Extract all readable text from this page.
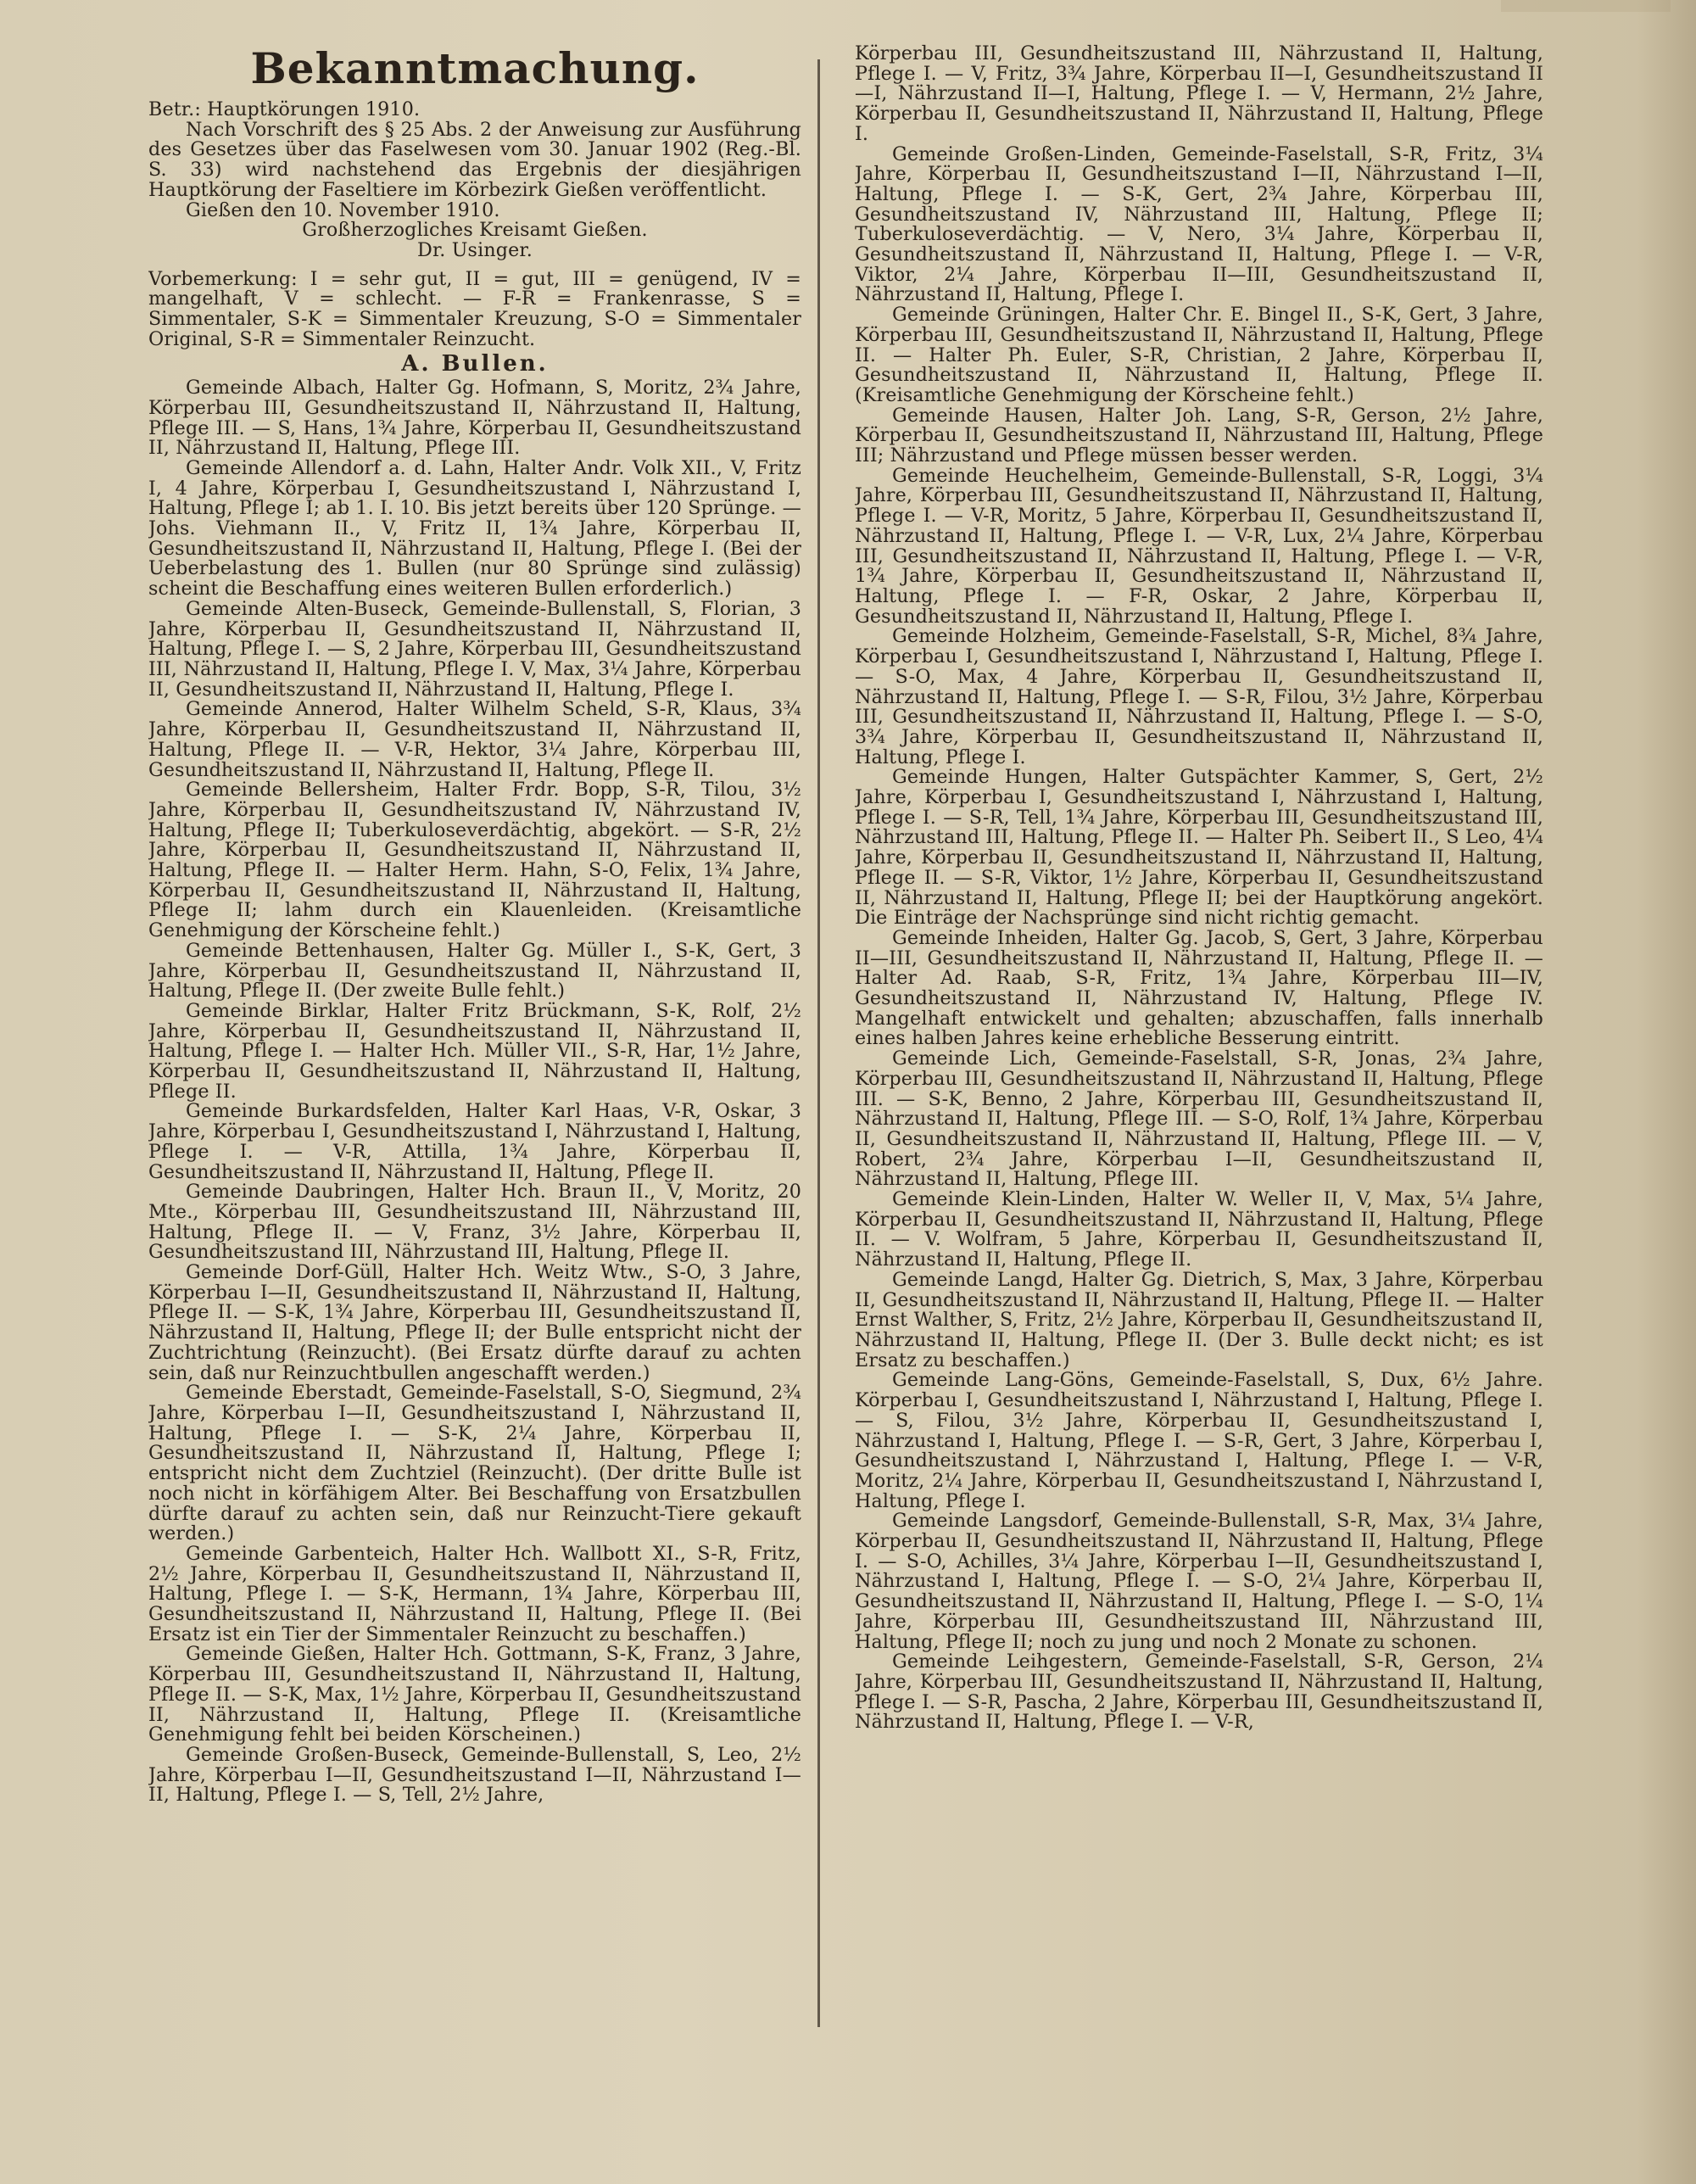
Bekanntmachung.

Betr.: Hauptkörungen 1910.

Nach Vorschrift des § 25 Abs. 2 der Anweisung zur Ausführung des Gesetzes über das Faselwesen vom 30. Januar 1902 (Reg.-Bl. S. 33) wird nachstehend das Ergebnis der diesjährigen Hauptkörung der Faseltiere im Körbezirk Gießen veröffentlicht.

Gießen den 10. November 1910.

Großherzogliches Kreisamt Gießen.

Dr. Usinger.

Vorbemerkung: I = sehr gut, II = gut, III = genügend, IV = mangelhaft, V = schlecht. — F-R = Frankenrasse, S = Simmentaler, S-K = Simmentaler Kreuzung, S-O = Simmentaler Original, S-R = Simmentaler Reinzucht.

A. Bullen.

Gemeinde Albach, Halter Gg. Hofmann, S, Moritz, 2¾ Jahre, Körperbau III, Gesundheitszustand II, Nährzustand II, Haltung, Pflege III. — S, Hans, 1¾ Jahre, Körperbau II, Gesundheitszustand II, Nährzustand II, Haltung, Pflege III.

Gemeinde Allendorf a. d. Lahn, Halter Andr. Volk XII., V, Fritz I, 4 Jahre, Körperbau I, Gesundheitszustand I, Nährzustand I, Haltung, Pflege I; ab 1. I. 10. Bis jetzt bereits über 120 Sprünge. — Johs. Viehmann II., V, Fritz II, 1¾ Jahre, Körperbau II, Gesundheitszustand II, Nährzustand II, Haltung, Pflege I. (Bei der Ueberbelastung des 1. Bullen (nur 80 Sprünge sind zulässig) scheint die Beschaffung eines weiteren Bullen erforderlich.)

Gemeinde Alten-Buseck, Gemeinde-Bullenstall, S, Florian, 3 Jahre, Körperbau II, Gesundheitszustand II, Nährzustand II, Haltung, Pflege I. — S, 2 Jahre, Körperbau III, Gesundheitszustand III, Nährzustand II, Haltung, Pflege I. V, Max, 3¼ Jahre, Körperbau II, Gesundheitszustand II, Nährzustand II, Haltung, Pflege I.

Gemeinde Annerod, Halter Wilhelm Scheld, S-R, Klaus, 3¾ Jahre, Körperbau II, Gesundheitszustand II, Nährzustand II, Haltung, Pflege II. — V-R, Hektor, 3¼ Jahre, Körperbau III, Gesundheitszustand II, Nährzustand II, Haltung, Pflege II.

Gemeinde Bellersheim, Halter Frdr. Bopp, S-R, Tilou, 3½ Jahre, Körperbau II, Gesundheitszustand IV, Nährzustand IV, Haltung, Pflege II; Tuberkuloseverdächtig, abgekört. — S-R, 2½ Jahre, Körperbau II, Gesundheitszustand II, Nährzustand II, Haltung, Pflege II. — Halter Herm. Hahn, S-O, Felix, 1¾ Jahre, Körperbau II, Gesundheitszustand II, Nährzustand II, Haltung, Pflege II; lahm durch ein Klauenleiden. (Kreisamtliche Genehmigung der Körscheine fehlt.)

Gemeinde Bettenhausen, Halter Gg. Müller I., S-K, Gert, 3 Jahre, Körperbau II, Gesundheitszustand II, Nährzustand II, Haltung, Pflege II. (Der zweite Bulle fehlt.)

Gemeinde Birklar, Halter Fritz Brückmann, S-K, Rolf, 2½ Jahre, Körperbau II, Gesundheitszustand II, Nährzustand II, Haltung, Pflege I. — Halter Hch. Müller VII., S-R, Har, 1½ Jahre, Körperbau II, Gesundheitszustand II, Nährzustand II, Haltung, Pflege II.

Gemeinde Burkardsfelden, Halter Karl Haas, V-R, Oskar, 3 Jahre, Körperbau I, Gesundheitszustand I, Nährzustand I, Haltung, Pflege I. — V-R, Attilla, 1¾ Jahre, Körperbau II, Gesundheitszustand II, Nährzustand II, Haltung, Pflege II.

Gemeinde Daubringen, Halter Hch. Braun II., V, Moritz, 20 Mte., Körperbau III, Gesundheitszustand III, Nährzustand III, Haltung, Pflege II. — V, Franz, 3½ Jahre, Körperbau II, Gesundheitszustand III, Nährzustand III, Haltung, Pflege II.

Gemeinde Dorf-Güll, Halter Hch. Weitz Wtw., S-O, 3 Jahre, Körperbau I—II, Gesundheitszustand II, Nährzustand II, Haltung, Pflege II. — S-K, 1¾ Jahre, Körperbau III, Gesundheitszustand II, Nährzustand II, Haltung, Pflege II; der Bulle entspricht nicht der Zuchtrichtung (Reinzucht). (Bei Ersatz dürfte darauf zu achten sein, daß nur Reinzuchtbullen angeschafft werden.)

Gemeinde Eberstadt, Gemeinde-Faselstall, S-O, Siegmund, 2¾ Jahre, Körperbau I—II, Gesundheitszustand I, Nährzustand II, Haltung, Pflege I. — S-K, 2¼ Jahre, Körperbau II, Gesundheitszustand II, Nährzustand II, Haltung, Pflege I; entspricht nicht dem Zuchtziel (Reinzucht). (Der dritte Bulle ist noch nicht in körfähigem Alter. Bei Beschaffung von Ersatzbullen dürfte darauf zu achten sein, daß nur Reinzucht-Tiere gekauft werden.)

Gemeinde Garbenteich, Halter Hch. Wallbott XI., S-R, Fritz, 2½ Jahre, Körperbau II, Gesundheitszustand II, Nährzustand II, Haltung, Pflege I. — S-K, Hermann, 1¾ Jahre, Körperbau III, Gesundheitszustand II, Nährzustand II, Haltung, Pflege II. (Bei Ersatz ist ein Tier der Simmentaler Reinzucht zu beschaffen.)

Gemeinde Gießen, Halter Hch. Gottmann, S-K, Franz, 3 Jahre, Körperbau III, Gesundheitszustand II, Nährzustand II, Haltung, Pflege II. — S-K, Max, 1½ Jahre, Körperbau II, Gesundheitszustand II, Nährzustand II, Haltung, Pflege II. (Kreisamtliche Genehmigung fehlt bei beiden Körscheinen.)

Gemeinde Großen-Buseck, Gemeinde-Bullenstall, S, Leo, 2½ Jahre, Körperbau I—II, Gesundheitszustand I—II, Nährzustand I—II, Haltung, Pflege I. — S, Tell, 2½ Jahre,

Körperbau III, Gesundheitszustand III, Nährzustand II, Haltung, Pflege I. — V, Fritz, 3¾ Jahre, Körperbau II—I, Gesundheitszustand II—I, Nährzustand II—I, Haltung, Pflege I. — V, Hermann, 2½ Jahre, Körperbau II, Gesundheitszustand II, Nährzustand II, Haltung, Pflege I.

Gemeinde Großen-Linden, Gemeinde-Faselstall, S-R, Fritz, 3¼ Jahre, Körperbau II, Gesundheitszustand I—II, Nährzustand I—II, Haltung, Pflege I. — S-K, Gert, 2¾ Jahre, Körperbau III, Gesundheitszustand IV, Nährzustand III, Haltung, Pflege II; Tuberkuloseverdächtig. — V, Nero, 3¼ Jahre, Körperbau II, Gesundheitszustand II, Nährzustand II, Haltung, Pflege I. — V-R, Viktor, 2¼ Jahre, Körperbau II—III, Gesundheitszustand II, Nährzustand II, Haltung, Pflege I.

Gemeinde Grüningen, Halter Chr. E. Bingel II., S-K, Gert, 3 Jahre, Körperbau III, Gesundheitszustand II, Nährzustand II, Haltung, Pflege II. — Halter Ph. Euler, S-R, Christian, 2 Jahre, Körperbau II, Gesundheitszustand II, Nährzustand II, Haltung, Pflege II. (Kreisamtliche Genehmigung der Körscheine fehlt.)

Gemeinde Hausen, Halter Joh. Lang, S-R, Gerson, 2½ Jahre, Körperbau II, Gesundheitszustand II, Nährzustand III, Haltung, Pflege III; Nährzustand und Pflege müssen besser werden.

Gemeinde Heuchelheim, Gemeinde-Bullenstall, S-R, Loggi, 3¼ Jahre, Körperbau III, Gesundheitszustand II, Nährzustand II, Haltung, Pflege I. — V-R, Moritz, 5 Jahre, Körperbau II, Gesundheitszustand II, Nährzustand II, Haltung, Pflege I. — V-R, Lux, 2¼ Jahre, Körperbau III, Gesundheitszustand II, Nährzustand II, Haltung, Pflege I. — V-R, 1¾ Jahre, Körperbau II, Gesundheitszustand II, Nährzustand II, Haltung, Pflege I. — F-R, Oskar, 2 Jahre, Körperbau II, Gesundheitszustand II, Nährzustand II, Haltung, Pflege I.

Gemeinde Holzheim, Gemeinde-Faselstall, S-R, Michel, 8¾ Jahre, Körperbau I, Gesundheitszustand I, Nährzustand I, Haltung, Pflege I. — S-O, Max, 4 Jahre, Körperbau II, Gesundheitszustand II, Nährzustand II, Haltung, Pflege I. — S-R, Filou, 3½ Jahre, Körperbau III, Gesundheitszustand II, Nährzustand II, Haltung, Pflege I. — S-O, 3¾ Jahre, Körperbau II, Gesundheitszustand II, Nährzustand II, Haltung, Pflege I.

Gemeinde Hungen, Halter Gutspächter Kammer, S, Gert, 2½ Jahre, Körperbau I, Gesundheitszustand I, Nährzustand I, Haltung, Pflege I. — S-R, Tell, 1¾ Jahre, Körperbau III, Gesundheitszustand III, Nährzustand III, Haltung, Pflege II. — Halter Ph. Seibert II., S Leo, 4¼ Jahre, Körperbau II, Gesundheitszustand II, Nährzustand II, Haltung, Pflege II. — S-R, Viktor, 1½ Jahre, Körperbau II, Gesundheitszustand II, Nährzustand II, Haltung, Pflege II; bei der Hauptkörung angekört. Die Einträge der Nachsprünge sind nicht richtig gemacht.

Gemeinde Inheiden, Halter Gg. Jacob, S, Gert, 3 Jahre, Körperbau II—III, Gesundheitszustand II, Nährzustand II, Haltung, Pflege II. — Halter Ad. Raab, S-R, Fritz, 1¾ Jahre, Körperbau III—IV, Gesundheitszustand II, Nährzustand IV, Haltung, Pflege IV. Mangelhaft entwickelt und gehalten; abzuschaffen, falls innerhalb eines halben Jahres keine erhebliche Besserung eintritt.

Gemeinde Lich, Gemeinde-Faselstall, S-R, Jonas, 2¾ Jahre, Körperbau III, Gesundheitszustand II, Nährzustand II, Haltung, Pflege III. — S-K, Benno, 2 Jahre, Körperbau III, Gesundheitszustand II, Nährzustand II, Haltung, Pflege III. — S-O, Rolf, 1¾ Jahre, Körperbau II, Gesundheitszustand II, Nährzustand II, Haltung, Pflege III. — V, Robert, 2¾ Jahre, Körperbau I—II, Gesundheitszustand II, Nährzustand II, Haltung, Pflege III.

Gemeinde Klein-Linden, Halter W. Weller II, V, Max, 5¼ Jahre, Körperbau II, Gesundheitszustand II, Nährzustand II, Haltung, Pflege II. — V. Wolfram, 5 Jahre, Körperbau II, Gesundheitszustand II, Nährzustand II, Haltung, Pflege II.

Gemeinde Langd, Halter Gg. Dietrich, S, Max, 3 Jahre, Körperbau II, Gesundheitszustand II, Nährzustand II, Haltung, Pflege II. — Halter Ernst Walther, S, Fritz, 2½ Jahre, Körperbau II, Gesundheitszustand II, Nährzustand II, Haltung, Pflege II. (Der 3. Bulle deckt nicht; es ist Ersatz zu beschaffen.)

Gemeinde Lang-Göns, Gemeinde-Faselstall, S, Dux, 6½ Jahre. Körperbau I, Gesundheitszustand I, Nährzustand I, Haltung, Pflege I. — S, Filou, 3½ Jahre, Körperbau II, Gesundheitszustand I, Nährzustand I, Haltung, Pflege I. — S-R, Gert, 3 Jahre, Körperbau I, Gesundheitszustand I, Nährzustand I, Haltung, Pflege I. — V-R, Moritz, 2¼ Jahre, Körperbau II, Gesundheitszustand I, Nährzustand I, Haltung, Pflege I.

Gemeinde Langsdorf, Gemeinde-Bullenstall, S-R, Max, 3¼ Jahre, Körperbau II, Gesundheitszustand II, Nährzustand II, Haltung, Pflege I. — S-O, Achilles, 3¼ Jahre, Körperbau I—II, Gesundheitszustand I, Nährzustand I, Haltung, Pflege I. — S-O, 2¼ Jahre, Körperbau II, Gesundheitszustand II, Nährzustand II, Haltung, Pflege I. — S-O, 1¼ Jahre, Körperbau III, Gesundheitszustand III, Nährzustand III, Haltung, Pflege II; noch zu jung und noch 2 Monate zu schonen.

Gemeinde Leihgestern, Gemeinde-Faselstall, S-R, Gerson, 2¼ Jahre, Körperbau III, Gesundheitszustand II, Nährzustand II, Haltung, Pflege I. — S-R, Pascha, 2 Jahre, Körperbau III, Gesundheitszustand II, Nährzustand II, Haltung, Pflege I. — V-R,
